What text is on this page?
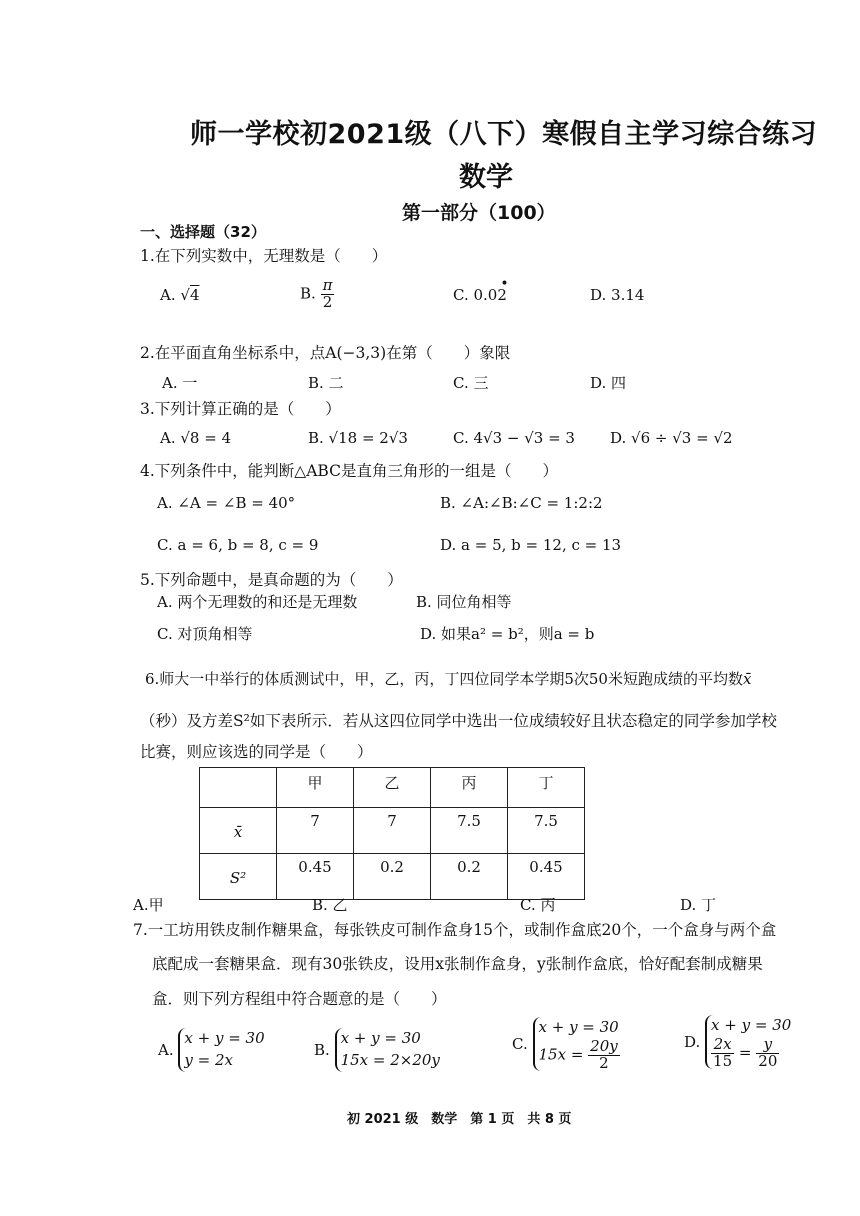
师一学校初2021级（八下）寒假自主学习综合练习
数学
第一部分（100）
一、选择题（32）
1.在下列实数中，无理数是（　　）
A. √4	B. $\frac{\pi}{2}$	C. 0.02
•
D. 3.14
2.在平面直角坐标系中，点A(−3,3)在第（　　）象限
A. 一	B. 二	C. 三	D. 四
3.下列计算正确的是（　　）
A. √8 = 4	B. √18 = 2√3	C. 4√3 − √3 = 3 D. √6 ÷ √3 = √2
4.下列条件中，能判断△ABC是直角三角形的一组是（　　）
A. ∠A = ∠B = 40°	B. ∠A:∠B:∠C = 1:2:2
C. a = 6, b = 8, c = 9	D. a = 5, b = 12, c = 13
5.下列命题中，是真命题的为（　　）
A. 两个无理数的和还是无理数	B. 同位角相等
C. 对顶角相等	D. 如果a² = b²，则a = b
6.师大一中举行的体质测试中，甲，乙，丙，丁四位同学本学期5次50米短跑成绩的平均数x̄
（秒）及方差S²如下表所示．若从这四位同学中选出一位成绩较好且状态稳定的同学参加学校
比赛，则应该选的同学是（　　）
	甲	乙	丙	丁
x̄	7	7	7.5	7.5
S²	0.45	0.2	0.2	0.45
A.甲	B. 乙	C. 丙	D. 丁
7.一工坊用铁皮制作糖果盒，每张铁皮可制作盒身15个，或制作盒底20个，一个盒身与两个盒
底配成一套糖果盒．现有30张铁皮，设用x张制作盒身，y张制作盒底，恰好配套制成糖果
盒．则下列方程组中符合题意的是（　　）
A.
x + y = 30
y = 2x
B.
x + y = 30
15x = 2×20y
C.
x + y = 30
$15x = \frac{20y}{2}$	D.
x + y = 30
$\frac{2x}{15} = \frac{y}{20}$
初 2021 级　数学　第 1 页　共 8 页
